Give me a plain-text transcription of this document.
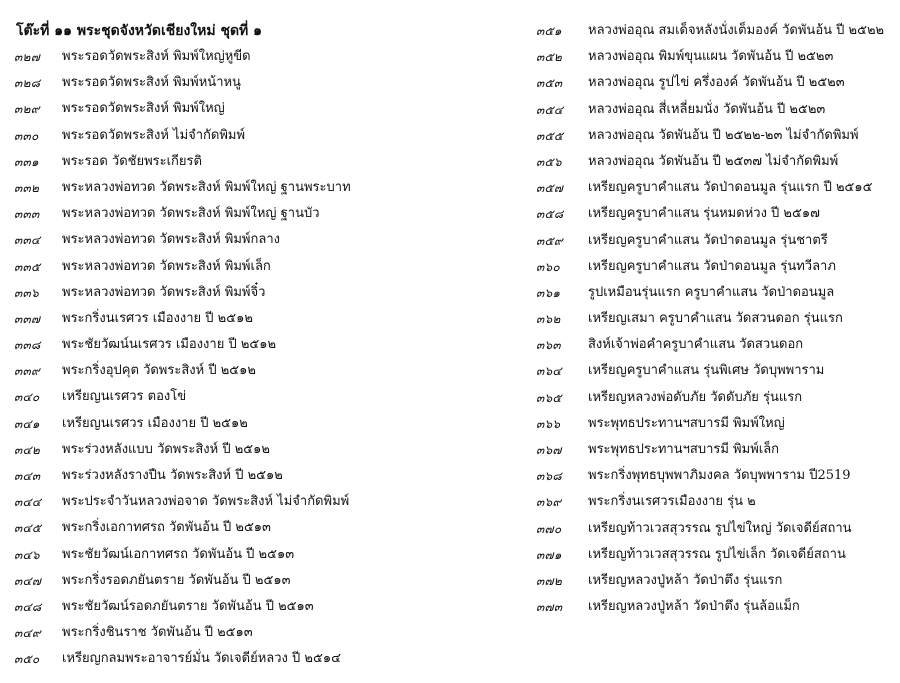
โต๊ะที่ ๑๑ พระชุดจังหวัดเชียงใหม่ ชุดที่ ๑
๓๒๗	พระรอดวัดพระสิงห์ พิมพ์ใหญ่หูขีด
๓๒๘	พระรอดวัดพระสิงห์ พิมพ์หน้าหนู
๓๒๙	พระรอดวัดพระสิงห์ พิมพ์ใหญ่
๓๓๐	พระรอดวัดพระสิงห์ ไม่จำกัดพิมพ์
๓๓๑	พระรอด วัดชัยพระเกียรติ
๓๓๒	พระหลวงพ่อทวด วัดพระสิงห์ พิมพ์ใหญ่ ฐานพระบาท
๓๓๓	พระหลวงพ่อทวด วัดพระสิงห์ พิมพ์ใหญ่ ฐานบัว
๓๓๔	พระหลวงพ่อทวด วัดพระสิงห์ พิมพ์กลาง
๓๓๕	พระหลวงพ่อทวด วัดพระสิงห์ พิมพ์เล็ก
๓๓๖	พระหลวงพ่อทวด วัดพระสิงห์ พิมพ์จิ๋ว
๓๓๗	พระกริ่งนเรศวร เมืองงาย ปี ๒๕๑๒
๓๓๘	พระชัยวัฒน์นเรศวร เมืองงาย ปี ๒๕๑๒
๓๓๙	พระกริ่งอุปคุต วัดพระสิงห์ ปี ๒๕๑๒
๓๔๐	เหรียญนเรศวร ตองโข่
๓๔๑	เหรียญนเรศวร เมืองงาย ปี ๒๕๑๒
๓๔๒	พระร่วงหลังแบบ วัดพระสิงห์ ปี ๒๕๑๒
๓๔๓	พระร่วงหลังรางปืน วัดพระสิงห์ ปี ๒๕๑๒
๓๔๔	พระประจำวันหลวงพ่อจาด วัดพระสิงห์ ไม่จำกัดพิมพ์
๓๔๕	พระกริ่งเอกาทศรถ วัดพันอ้น ปี ๒๕๑๓
๓๔๖	พระชัยวัฒน์เอกาทศรถ วัดพันอ้น ปี ๒๕๑๓
๓๔๗	พระกริ่งรอดภยันตราย วัดพันอ้น ปี ๒๕๑๓
๓๔๘	พระชัยวัฒน์รอดภยันตราย วัดพันอ้น ปี ๒๕๑๓
๓๔๙	พระกริ่งชินราช วัดพันอ้น ปี ๒๕๑๓
๓๕๐	เหรียญกลมพระอาจารย์มั่น วัดเจดีย์หลวง ปี ๒๕๑๔
๓๕๑	หลวงพ่ออุณ สมเด็จหลังนั่งเต็มองค์ วัดพันอ้น ปี ๒๕๒๒
๓๕๒	หลวงพ่ออุณ พิมพ์ขุนแผน วัดพันอ้น ปี ๒๕๒๓
๓๕๓	หลวงพ่ออุณ รูปไข่ ครึ่งองค์ วัดพันอ้น ปี ๒๕๒๓
๓๕๔	หลวงพ่ออุณ สี่เหลี่ยมนั่ง วัดพันอ้น ปี ๒๕๒๓
๓๕๕	หลวงพ่ออุณ วัดพันอ้น ปี ๒๕๒๒-๒๓ ไม่จำกัดพิมพ์
๓๕๖	หลวงพ่ออุณ วัดพันอ้น ปี ๒๕๓๗ ไม่จำกัดพิมพ์
๓๕๗	เหรียญครูบาคำแสน วัดป่าดอนมูล รุ่นแรก ปี ๒๕๑๕
๓๕๘	เหรียญครูบาคำแสน รุ่นหมดห่วง ปี ๒๕๑๗
๓๕๙	เหรียญครูบาคำแสน วัดป่าดอนมูล รุ่นชาตรี
๓๖๐	เหรียญครูบาคำแสน วัดป่าดอนมูล รุ่นทวีลาภ
๓๖๑	รูปเหมือนรุ่นแรก ครูบาคำแสน วัดป่าดอนมูล
๓๖๒	เหรียญเสมา ครูบาคำแสน วัดสวนดอก รุ่นแรก
๓๖๓	สิงห์เจ้าพ่อคำครูบาคำแสน วัดสวนดอก
๓๖๔	เหรียญครูบาคำแสน รุ่นพิเศษ วัดบุพพาราม
๓๖๕	เหรียญหลวงพ่อดับภัย วัดดับภัย รุ่นแรก
๓๖๖	พระพุทธประทานฯสบารมี พิมพ์ใหญ่
๓๖๗	พระพุทธประทานฯสบารมี พิมพ์เล็ก
๓๖๘	พระกริ่งพุทธบุพพาภิมงคล วัดบุพพาราม ปี2519
๓๖๙	พระกริ่งนเรศวรเมืองงาย รุ่น ๒
๓๗๐	เหรียญท้าวเวสสุวรรณ รูปไข่ใหญ่ วัดเจดีย์สถาน
๓๗๑	เหรียญท้าวเวสสุวรรณ รูปไข่เล็ก วัดเจดีย์สถาน
๓๗๒	เหรียญหลวงปู่หล้า วัดป่าตึง รุ่นแรก
๓๗๓	เหรียญหลวงปู่หล้า วัดป่าตึง รุ่นล้อแม็ก
